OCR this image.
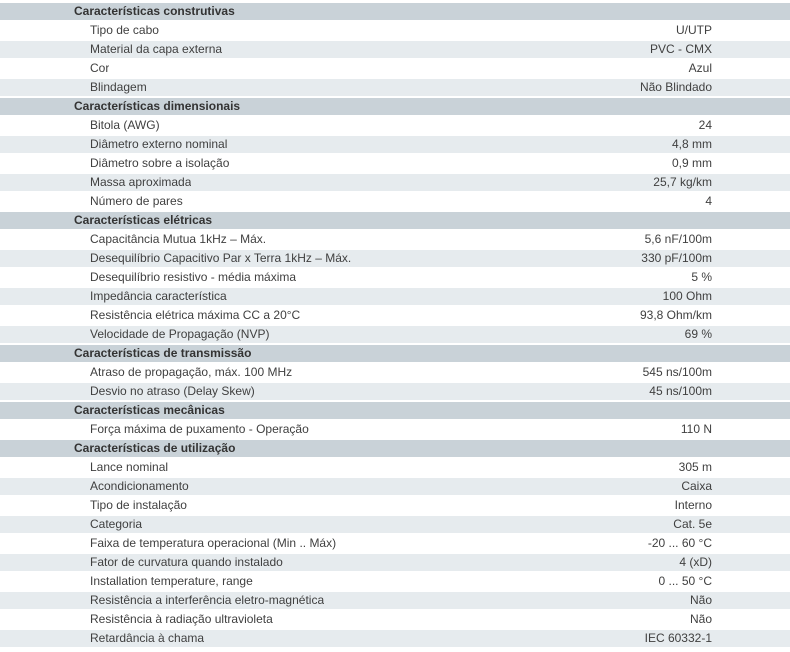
Características construtivas
Tipo de cabo	U/UTP
Material da capa externa	PVC - CMX
Cor	Azul
Blindagem	Não Blindado
Características dimensionais
Bitola (AWG)	24
Diâmetro externo nominal	4,8 mm
Diâmetro sobre a isolação	0,9 mm
Massa aproximada	25,7 kg/km
Número de pares	4
Características elétricas
Capacitância Mutua 1kHz – Máx.	5,6 nF/100m
Desequilíbrio Capacitivo Par x Terra 1kHz – Máx.	330 pF/100m
Desequilíbrio resistivo - média máxima	5 %
Impedância característica	100 Ohm
Resistência elétrica máxima CC a 20°C	93,8 Ohm/km
Velocidade de Propagação (NVP)	69 %
Características de transmissão
Atraso de propagação, máx. 100 MHz	545 ns/100m
Desvio no atraso (Delay Skew)	45 ns/100m
Características mecânicas
Força máxima de puxamento - Operação	110 N
Características de utilização
Lance nominal	305 m
Acondicionamento	Caixa
Tipo de instalação	Interno
Categoria	Cat. 5e
Faixa de temperatura operacional (Min .. Máx)	-20 ... 60 °C
Fator de curvatura quando instalado	4 (xD)
Installation temperature, range	0 ... 50 °C
Resistência a interferência eletro-magnética	Não
Resistência à radiação ultravioleta	Não
Retardância à chama	IEC 60332-1
